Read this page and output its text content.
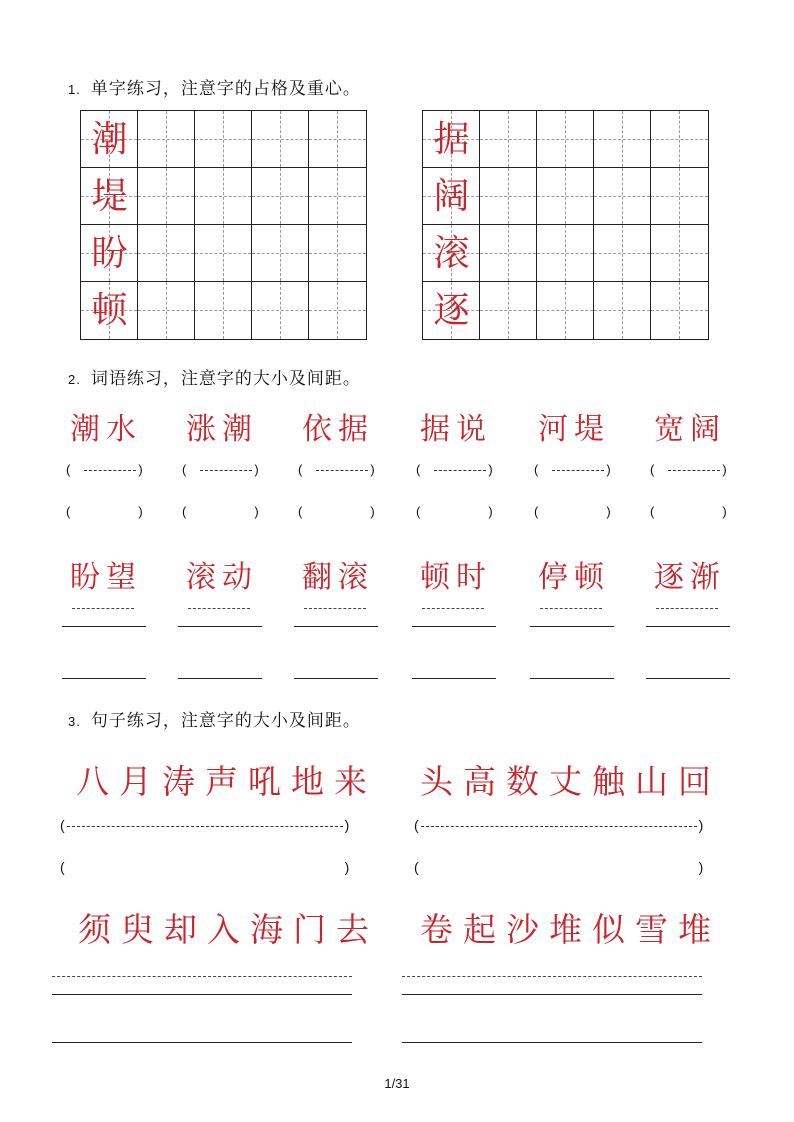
1. 单字练习，注意字的占格及重心。
潮
堤
盼
顿
据
阔
滚
逐
2. 词语练习，注意字的大小及间距。
潮水
(	)
(	)
盼望
涨潮
(	)
(	)
滚动
依据
(	)
(	)
翻滚
据说
(	)
(	)
顿时
河堤
(	)
(	)
停顿
宽阔
(	)
(	)
逐渐
3. 句子练习，注意字的大小及间距。
八月涛声吼地来 头高数丈触山回
(	)	(	)
(	)	(	)
须臾却入海门去 卷起沙堆似雪堆
1/31
